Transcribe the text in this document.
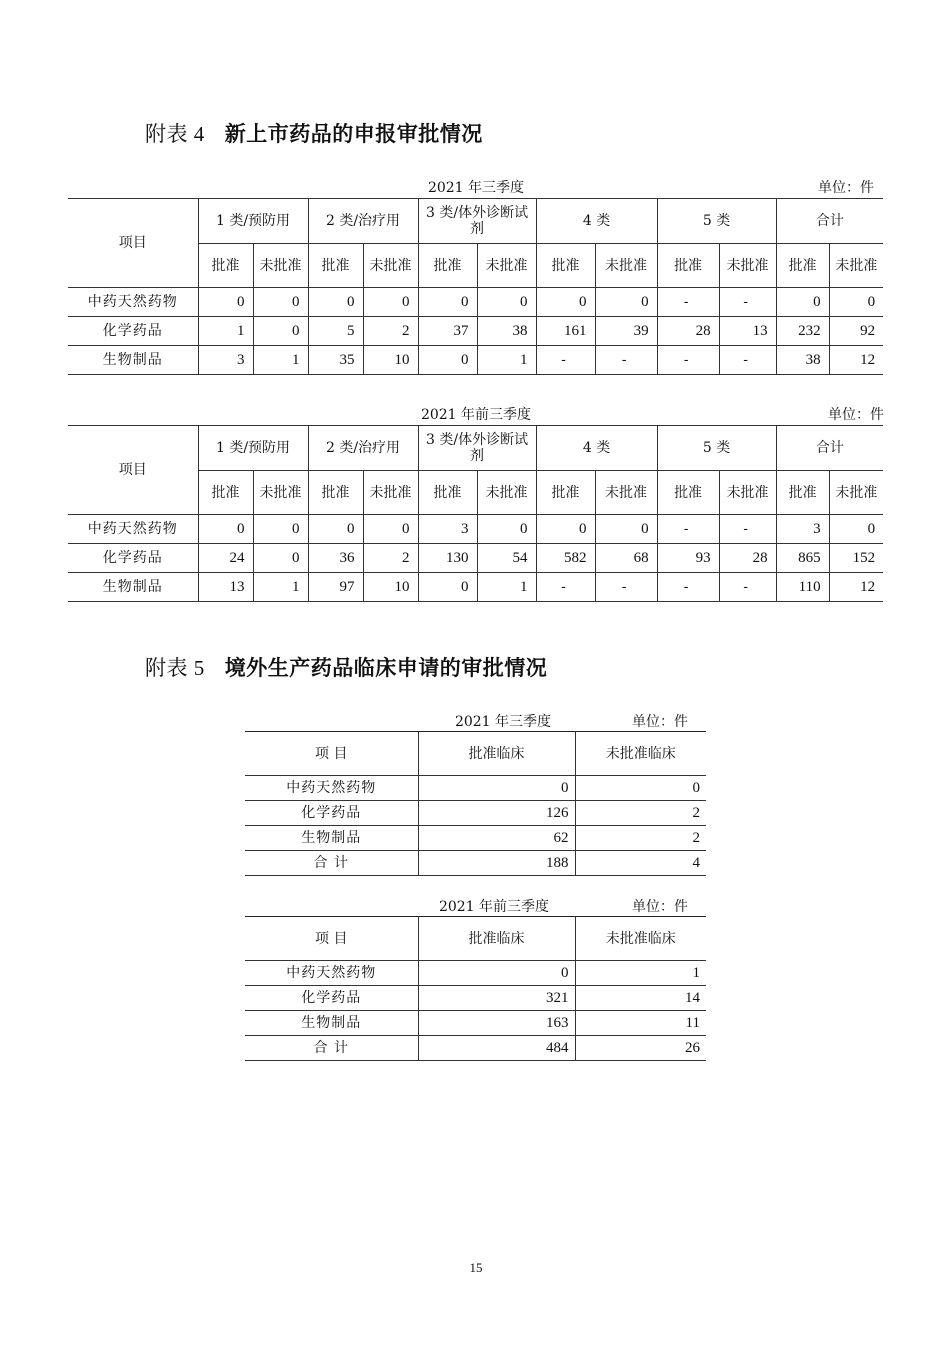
附表 4 新上市药品的申报审批情况
2021 年三季度	单位：件
项目	1 类/预防用		2 类/治疗用		3 类/体外诊断试剂		4 类		5 类		合计	
	批准	未批准	批准	未批准	批准	未批准	批准	未批准	批准	未批准	批准	未批准
中药天然药物	0	0	0	0	0	0	0	0	-	-	0	0
化学药品	1	0	5	2	37	38	161	39	28	13	232	92
生物制品	3	1	35	10	0	1	-	-	-	-	38	12
2021 年前三季度	单位：件
项目	1 类/预防用		2 类/治疗用		3 类/体外诊断试剂		4 类		5 类		合计	
	批准	未批准	批准	未批准	批准	未批准	批准	未批准	批准	未批准	批准	未批准
中药天然药物	0	0	0	0	3	0	0	0	-	-	3	0
化学药品	24	0	36	2	130	54	582	68	93	28	865	152
生物制品	13	1	97	10	0	1	-	-	-	-	110	12
附表 5 境外生产药品临床申请的审批情况
2021 年三季度	单位：件
项 目	批准临床	未批准临床
中药天然药物	0	0
化学药品	126	2
生物制品	62	2
合 计	188	4
2021 年前三季度	单位：件
项 目	批准临床	未批准临床
中药天然药物	0	1
化学药品	321	14
生物制品	163	11
合 计	484	26
15
